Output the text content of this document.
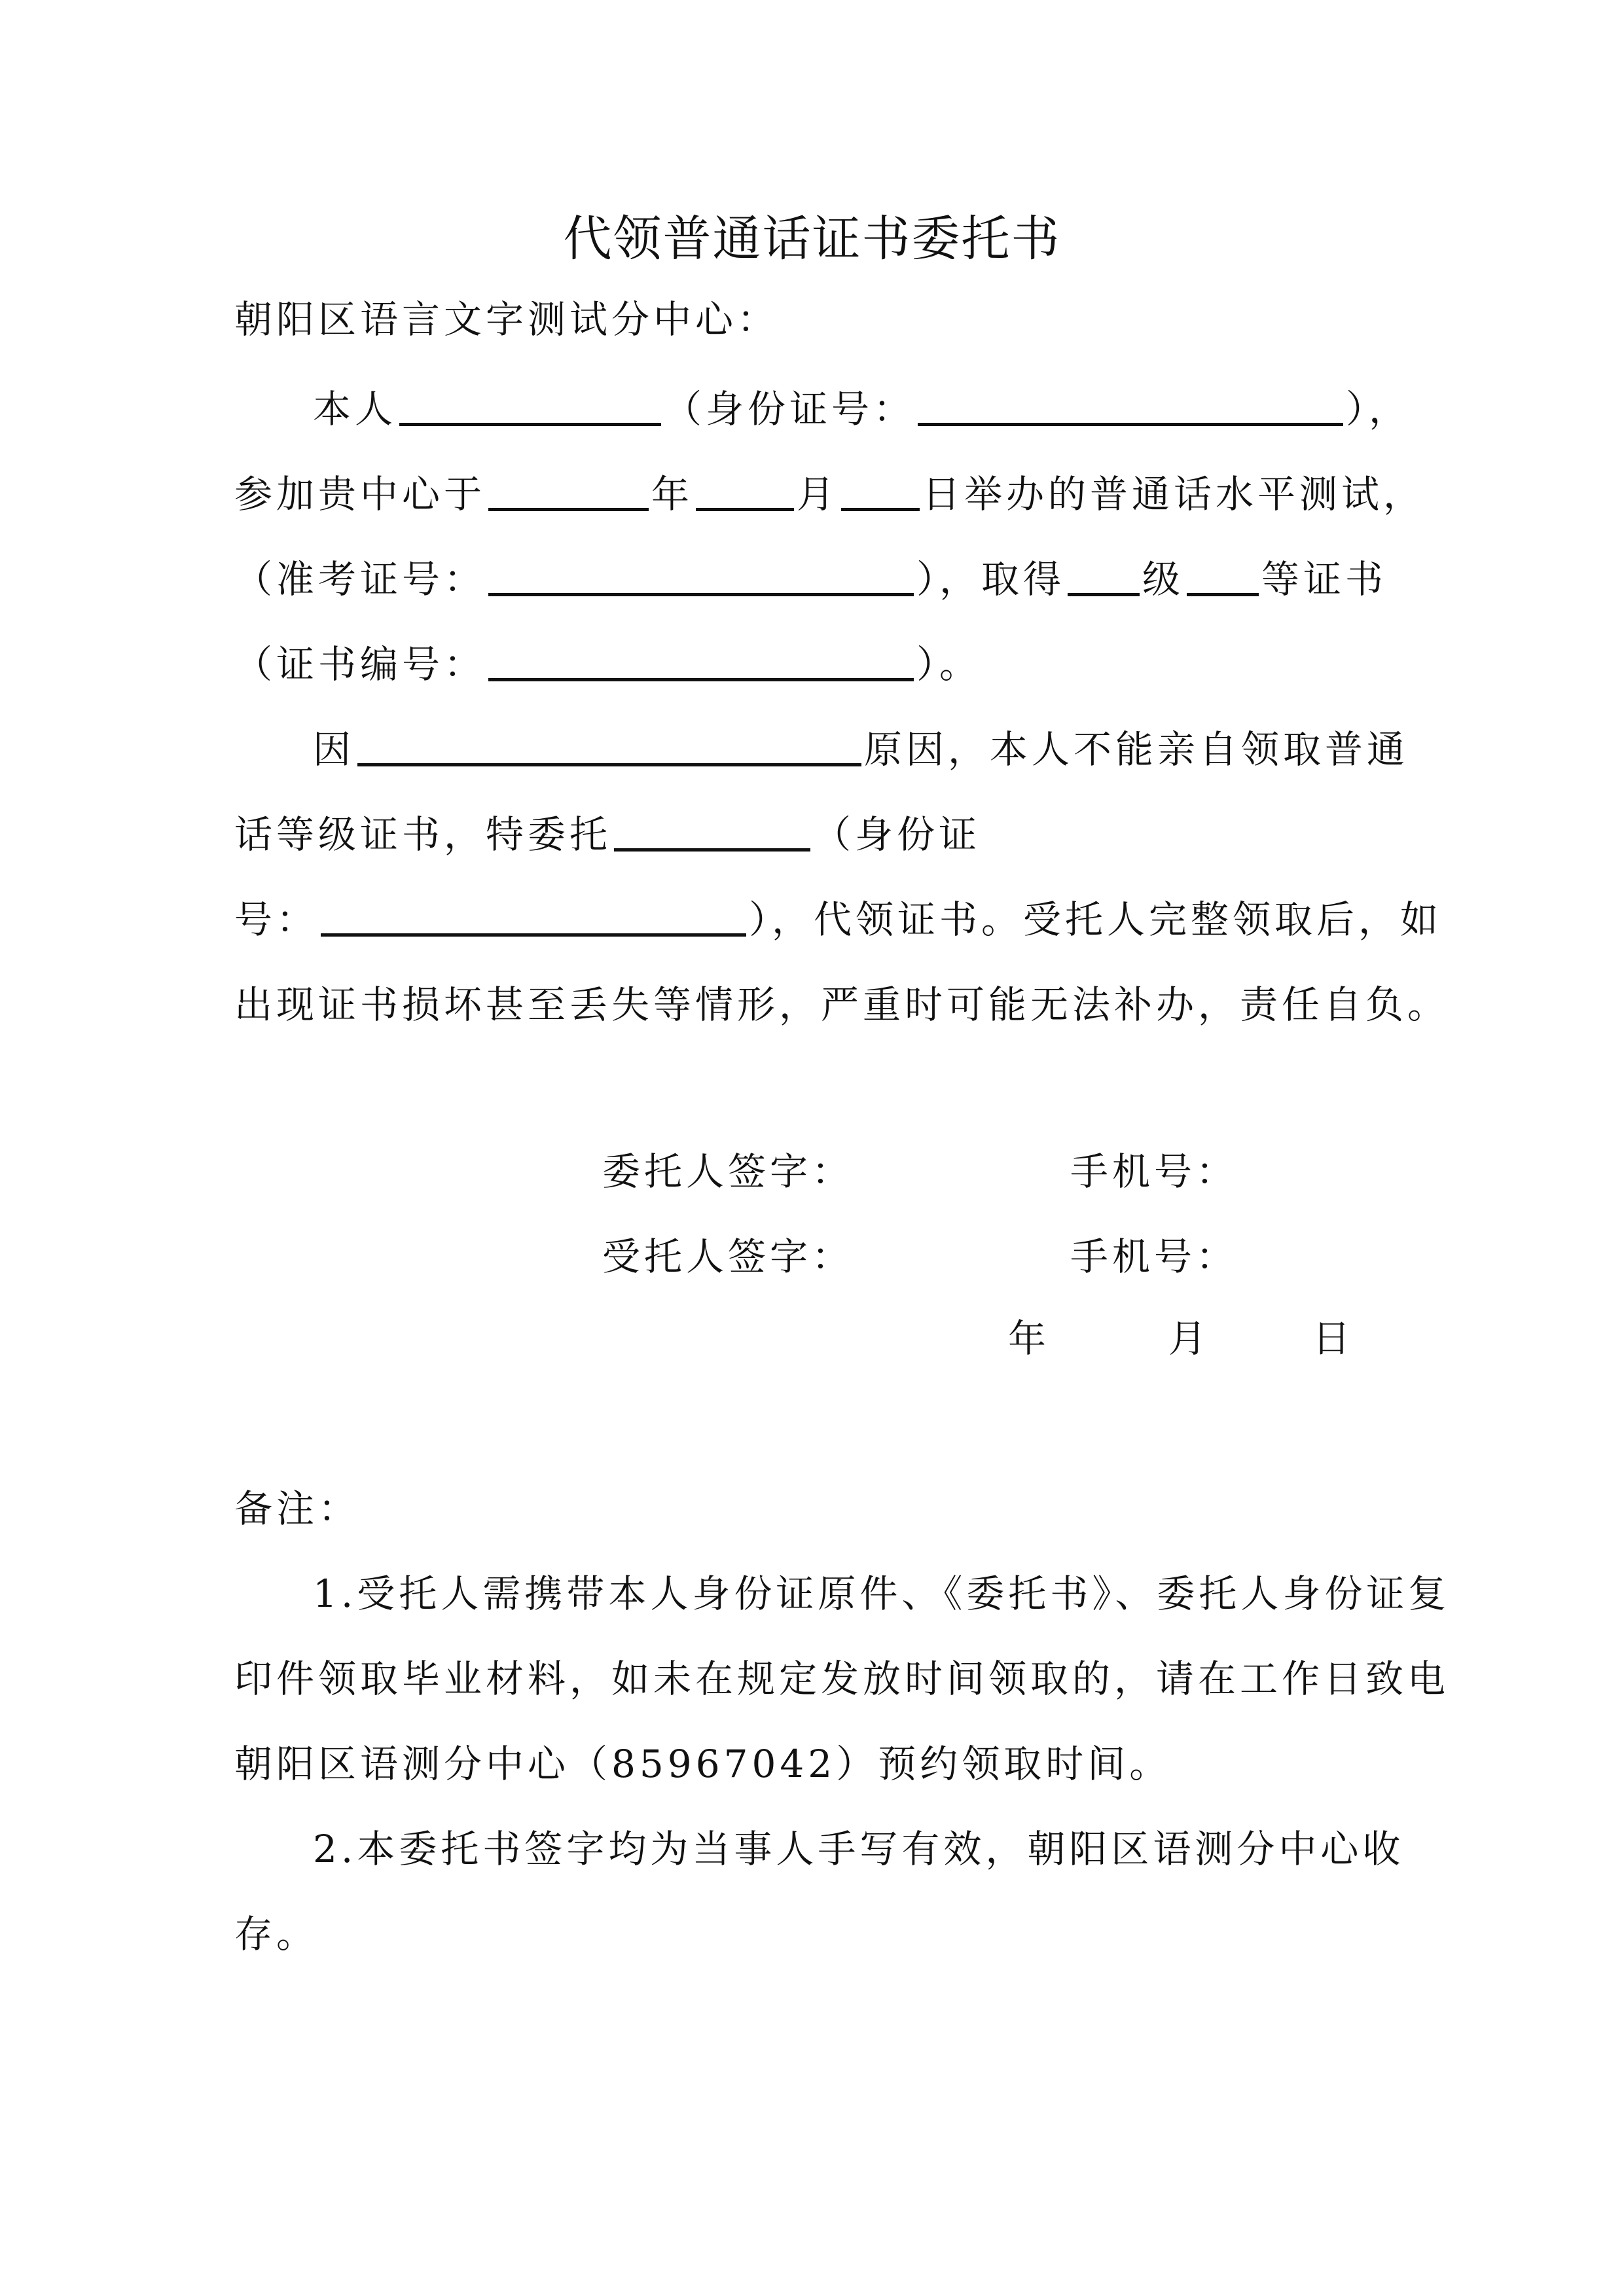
代领普通话证书委托书
朝阳区语言文字测试分中心：
本人	（身份证号：	），
参加贵中心于	年	月 日举办的普通话水平测试，
（准考证号：	），取得 级 等证书
（证书编号：	）。
因	原因，本人不能亲自领取普通
话等级证书，特委托	（身份证
号：	），代领证书。受托人完整领取后，如
出现证书损坏甚至丢失等情形，严重时可能无法补办，责任自负。
委托人签字：	手机号：
受托人签字：	手机号：
年	月	日
备注：
1.受托人需携带本人身份证原件、《委托书》、委托人身份证复
印件领取毕业材料，如未在规定发放时间领取的，请在工作日致电
朝阳区语测分中心（85967042）预约领取时间。
2.本委托书签字均为当事人手写有效，朝阳区语测分中心收
存。
